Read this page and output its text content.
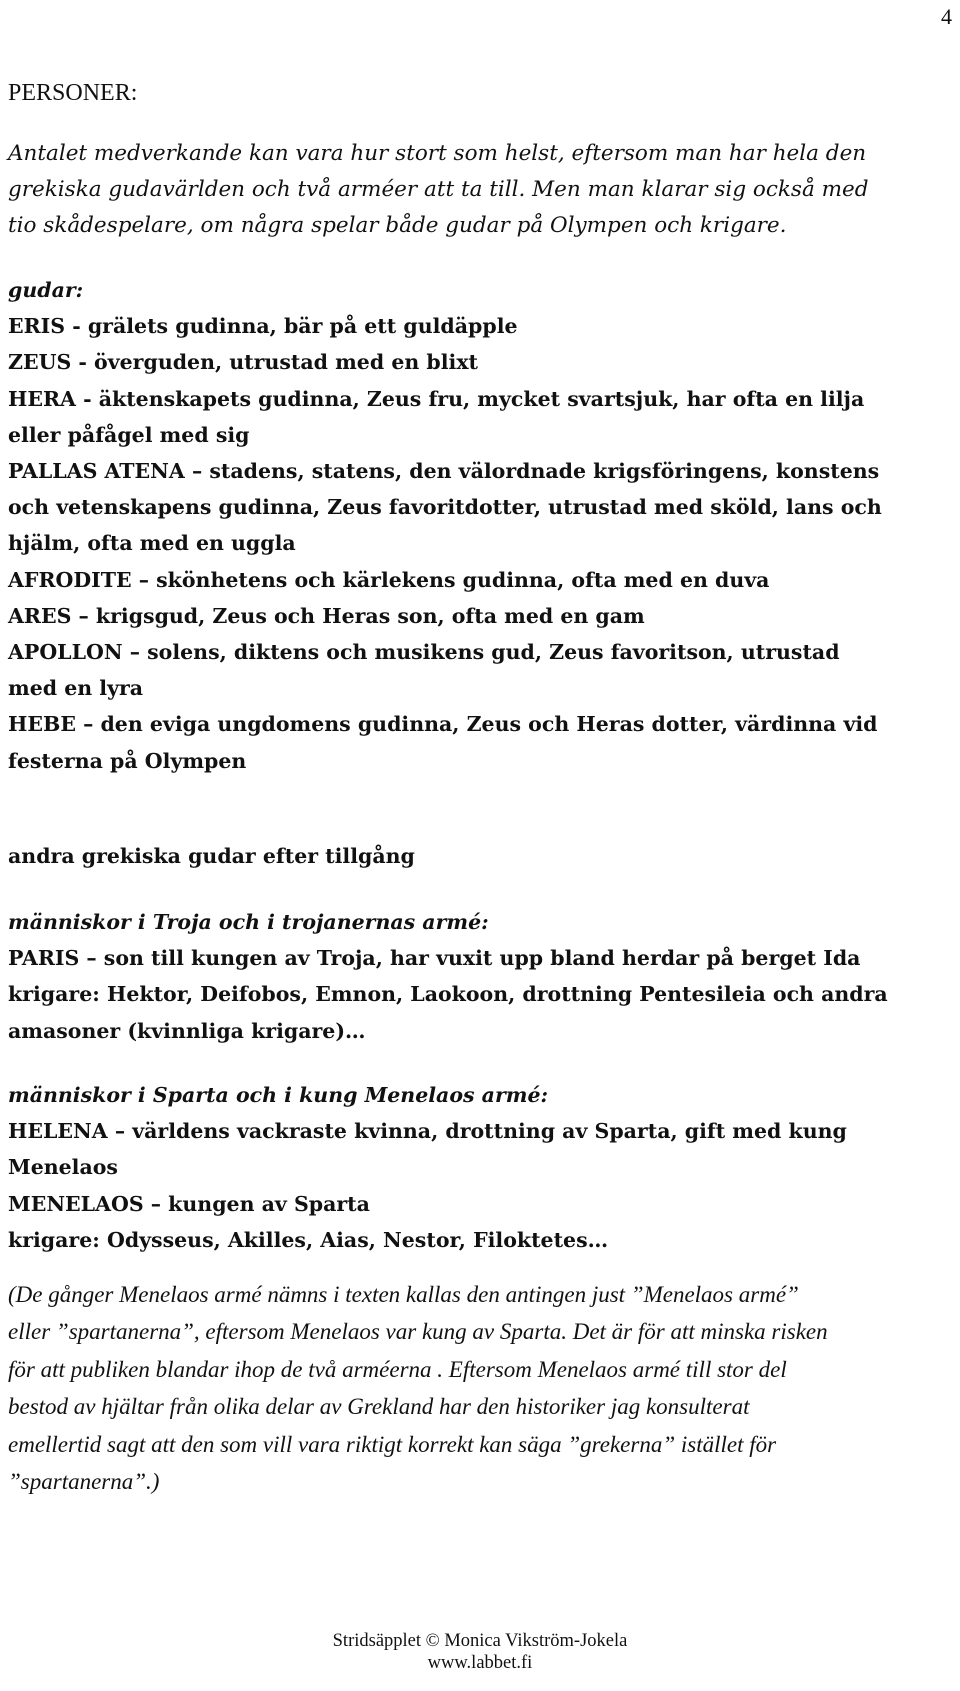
4
PERSONER:
Antalet medverkande kan vara hur stort som helst, eftersom man har hela den
grekiska gudavärlden och två arméer att ta till. Men man klarar sig också med
tio skådespelare, om några spelar både gudar på Olympen och krigare.
gudar:
ERIS - grälets gudinna, bär på ett guldäpple
ZEUS - överguden, utrustad med en blixt
HERA - äktenskapets gudinna, Zeus fru, mycket svartsjuk, har ofta en lilja
eller påfågel med sig
PALLAS ATENA – stadens, statens, den välordnade krigsföringens, konstens
och vetenskapens gudinna, Zeus favoritdotter, utrustad med sköld, lans och
hjälm, ofta med en uggla
AFRODITE – skönhetens och kärlekens gudinna, ofta med en duva
ARES – krigsgud, Zeus och Heras son, ofta med en gam
APOLLON – solens, diktens och musikens gud, Zeus favoritson, utrustad
med en lyra
HEBE – den eviga ungdomens gudinna, Zeus och Heras dotter, värdinna vid
festerna på Olympen
andra grekiska gudar efter tillgång
människor i Troja och i trojanernas armé:
PARIS – son till kungen av Troja, har vuxit upp bland herdar på berget Ida
krigare: Hektor, Deifobos, Emnon, Laokoon, drottning Pentesileia och andra
amasoner (kvinnliga krigare)…
människor i Sparta och i kung Menelaos armé:
HELENA – världens vackraste kvinna, drottning av Sparta, gift med kung
Menelaos
MENELAOS – kungen av Sparta
krigare: Odysseus, Akilles, Aias, Nestor, Filoktetes…
(De gånger Menelaos armé nämns i texten kallas den antingen just ”Menelaos armé”
eller ”spartanerna”, eftersom Menelaos var kung av Sparta. Det är för att minska risken
för att publiken blandar ihop de två arméerna . Eftersom Menelaos armé till stor del
bestod av hjältar från olika delar av Grekland har den historiker jag konsulterat
emellertid sagt att den som vill vara riktigt korrekt kan säga ”grekerna” istället för
”spartanerna”.)
Stridsäpplet © Monica Vikström-Jokela
www.labbet.fi
